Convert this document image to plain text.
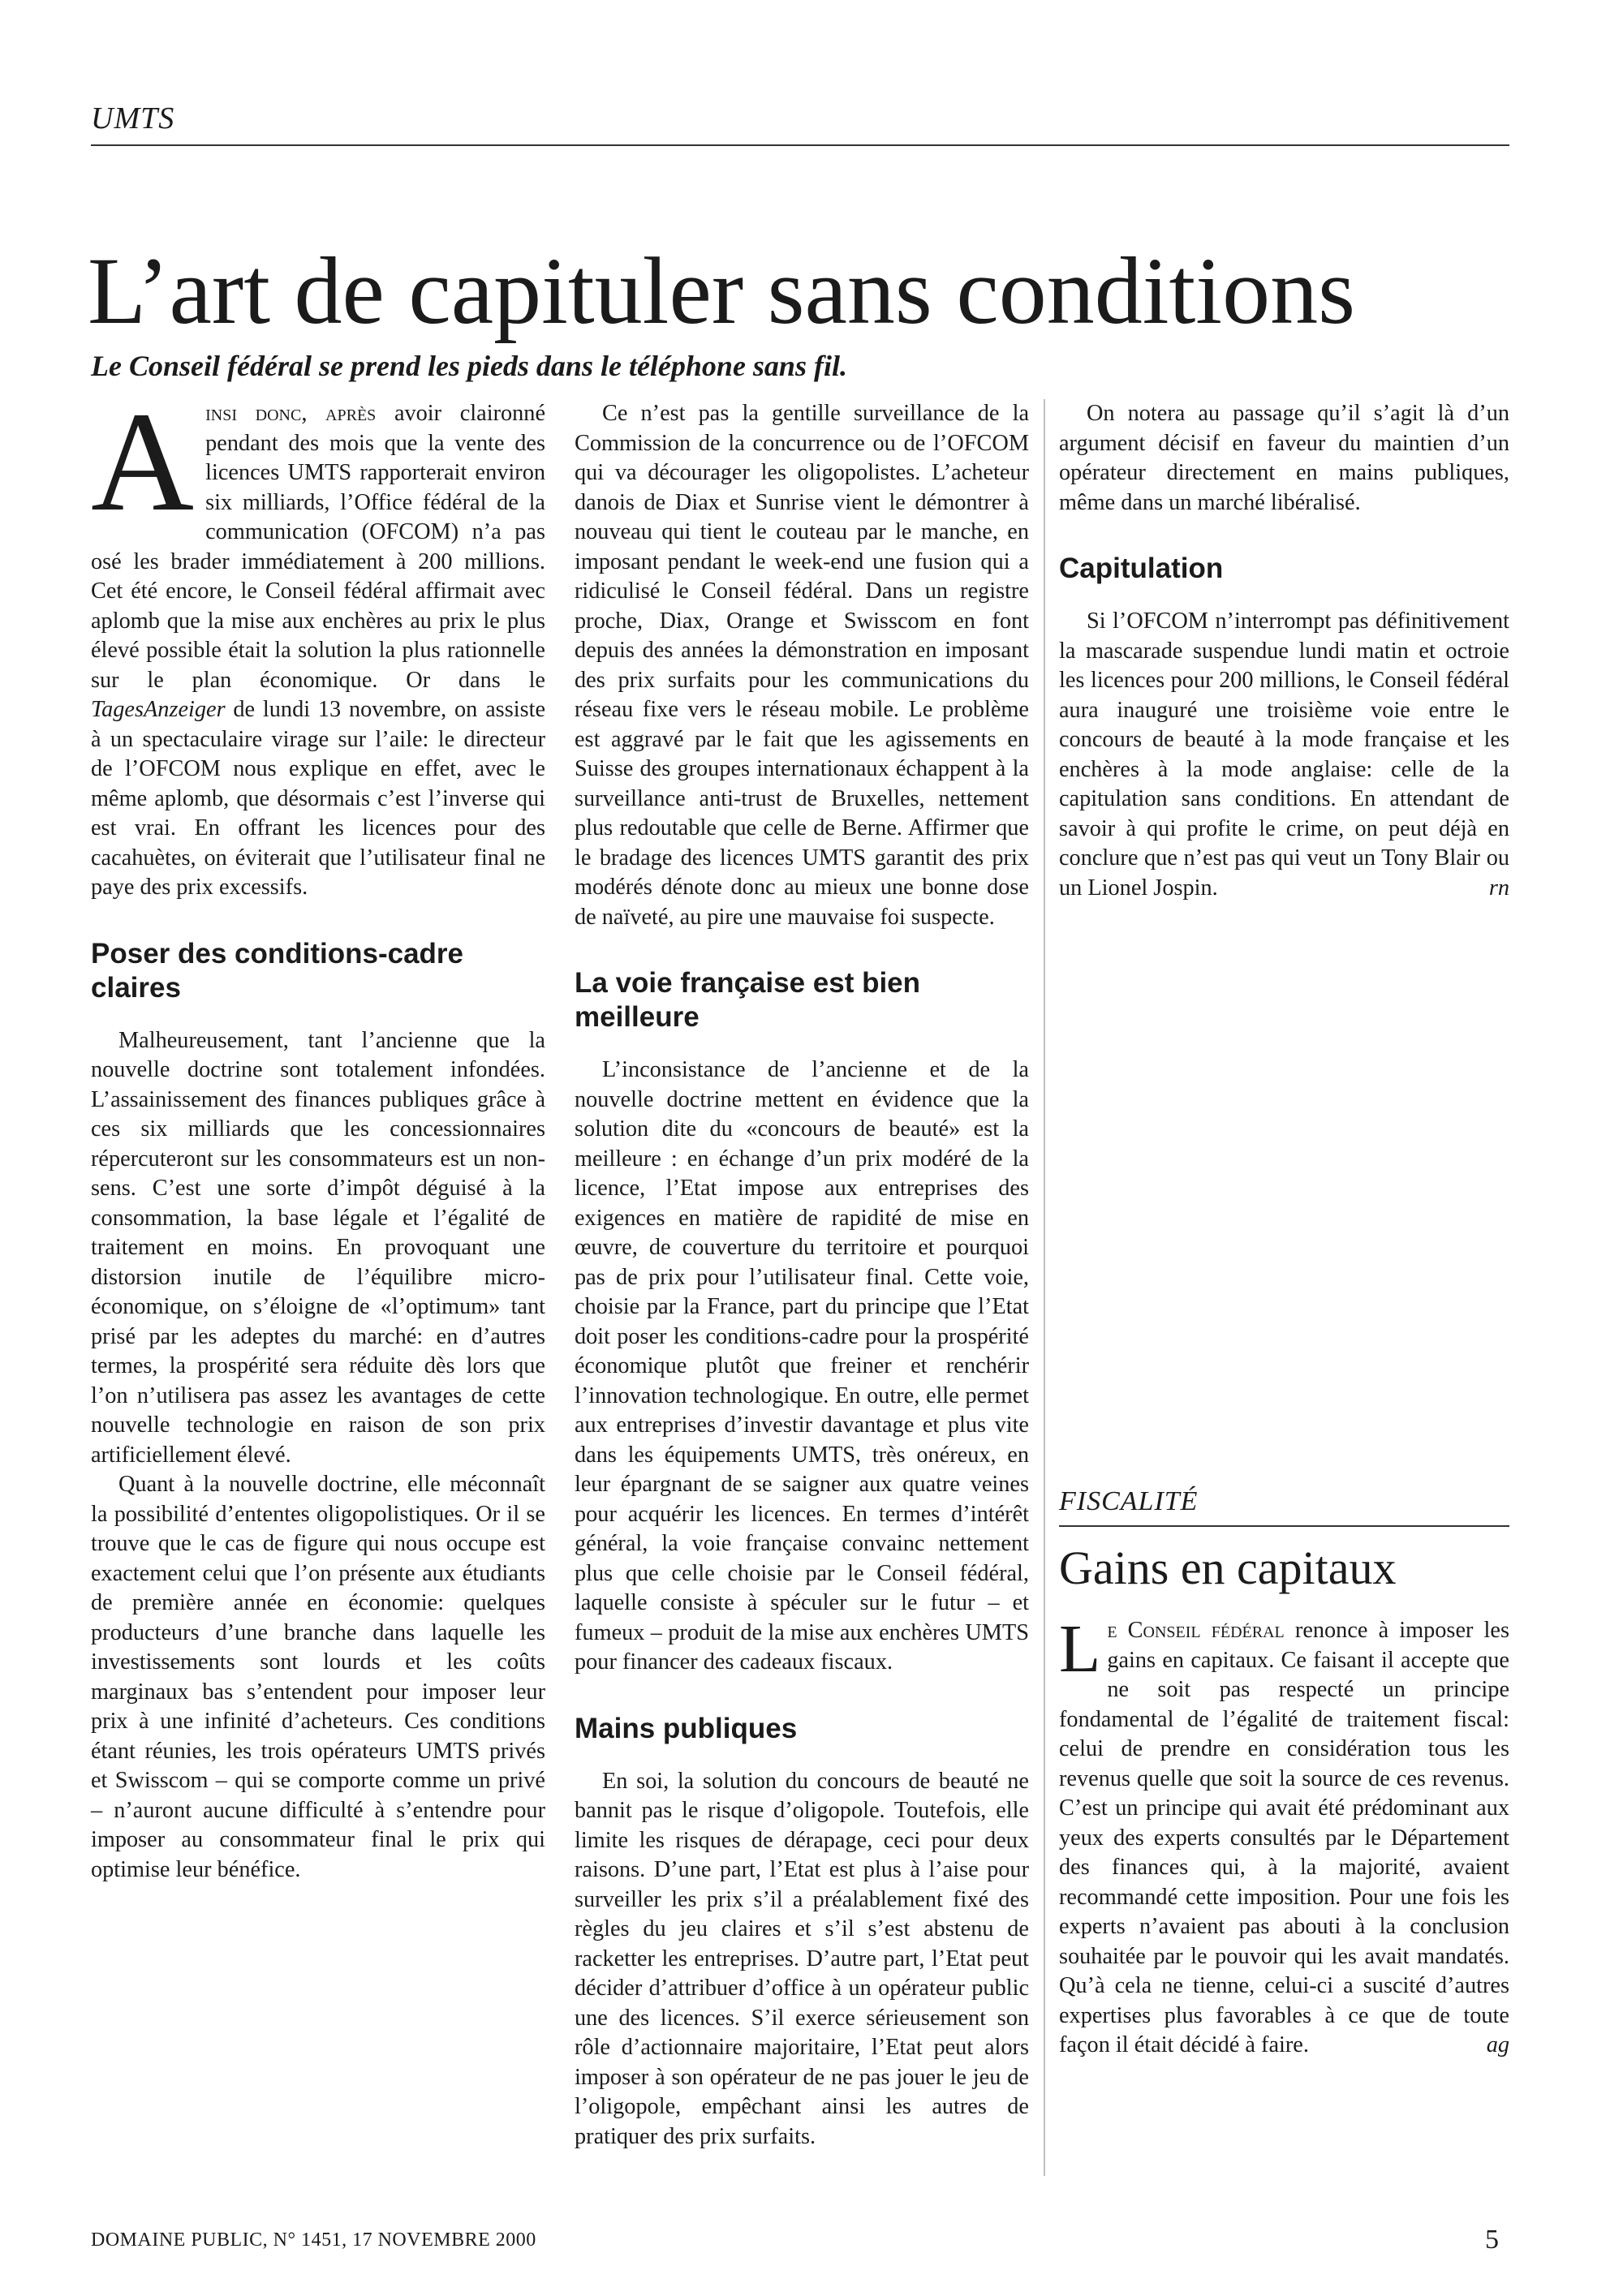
UMTS
L’art de capituler sans conditions
Le Conseil fédéral se prend les pieds dans le téléphone sans fil.

Ainsi donc, après avoir claironné pendant des mois que la vente des licences UMTS rapporterait environ six milliards, l’Office fédéral de la communication (OFCOM) n’a pas osé les brader immédiatement à 200 millions. Cet été encore, le Conseil fédéral affirmait avec aplomb que la mise aux enchères au prix le plus élevé possible était la solution la plus rationnelle sur le plan économique. Or dans le TagesAnzeiger de lundi 13 novembre, on assiste à un spectaculaire virage sur l’aile: le directeur de l’OFCOM nous explique en effet, avec le même aplomb, que désormais c’est l’inverse qui est vrai. En offrant les licences pour des cacahuètes, on éviterait que l’utilisateur final ne paye des prix excessifs.

Poser des conditions-cadre claires

Malheureusement, tant l’ancienne que la nouvelle doctrine sont totalement infondées. L’assainissement des finances publiques grâce à ces six milliards que les concessionnaires répercuteront sur les consommateurs est un non-sens. C’est une sorte d’impôt déguisé à la consommation, la base légale et l’égalité de traitement en moins. En provoquant une distorsion inutile de l’équilibre micro-économique, on s’éloigne de «l’optimum» tant prisé par les adeptes du marché: en d’autres termes, la prospérité sera réduite dès lors que l’on n’utilisera pas assez les avantages de cette nouvelle technologie en raison de son prix artificiellement élevé.

Quant à la nouvelle doctrine, elle méconnaît la possibilité d’ententes oligopolistiques. Or il se trouve que le cas de figure qui nous occupe est exactement celui que l’on présente aux étudiants de première année en économie: quelques producteurs d’une branche dans laquelle les investissements sont lourds et les coûts marginaux bas s’entendent pour imposer leur prix à une infinité d’acheteurs. Ces conditions étant réunies, les trois opérateurs UMTS privés et Swisscom – qui se comporte comme un privé – n’auront aucune difficulté à s’entendre pour imposer au consommateur final le prix qui optimise leur bénéfice.

Ce n’est pas la gentille surveillance de la Commission de la concurrence ou de l’OFCOM qui va décourager les oligopolistes. L’acheteur danois de Diax et Sunrise vient le démontrer à nouveau qui tient le couteau par le manche, en imposant pendant le week-end une fusion qui a ridiculisé le Conseil fédéral. Dans un registre proche, Diax, Orange et Swisscom en font depuis des années la démonstration en imposant des prix surfaits pour les communications du réseau fixe vers le réseau mobile. Le problème est aggravé par le fait que les agissements en Suisse des groupes internationaux échappent à la surveillance anti-trust de Bruxelles, nettement plus redoutable que celle de Berne. Affirmer que le bradage des licences UMTS garantit des prix modérés dénote donc au mieux une bonne dose de naïveté, au pire une mauvaise foi suspecte.

La voie française est bien meilleure

L’inconsistance de l’ancienne et de la nouvelle doctrine mettent en évidence que la solution dite du «concours de beauté» est la meilleure : en échange d’un prix modéré de la licence, l’Etat impose aux entreprises des exigences en matière de rapidité de mise en œuvre, de couverture du territoire et pourquoi pas de prix pour l’utilisateur final. Cette voie, choisie par la France, part du principe que l’Etat doit poser les conditions-cadre pour la prospérité économique plutôt que freiner et renchérir l’innovation technologique. En outre, elle permet aux entreprises d’investir davantage et plus vite dans les équipements UMTS, très onéreux, en leur épargnant de se saigner aux quatre veines pour acquérir les licences. En termes d’intérêt général, la voie française convainc nettement plus que celle choisie par le Conseil fédéral, laquelle consiste à spéculer sur le futur – et fumeux – produit de la mise aux enchères UMTS pour financer des cadeaux fiscaux.

Mains publiques

En soi, la solution du concours de beauté ne bannit pas le risque d’oligopole. Toutefois, elle limite les risques de dérapage, ceci pour deux raisons. D’une part, l’Etat est plus à l’aise pour surveiller les prix s’il a préalablement fixé des règles du jeu claires et s’il s’est abstenu de racketter les entreprises. D’autre part, l’Etat peut décider d’attribuer d’office à un opérateur public une des licences. S’il exerce sérieusement son rôle d’actionnaire majoritaire, l’Etat peut alors imposer à son opérateur de ne pas jouer le jeu de l’oligopole, empêchant ainsi les autres de pratiquer des prix surfaits.

On notera au passage qu’il s’agit là d’un argument décisif en faveur du maintien d’un opérateur directement en mains publiques, même dans un marché libéralisé.

Capitulation

Si l’OFCOM n’interrompt pas définitivement la mascarade suspendue lundi matin et octroie les licences pour 200 millions, le Conseil fédéral aura inauguré une troisième voie entre le concours de beauté à la mode française et les enchères à la mode anglaise: celle de la capitulation sans conditions. En attendant de savoir à qui profite le crime, on peut déjà en conclure que n’est pas qui veut un Tony Blair ou un Lionel Jospin.	rn

FISCALITÉ
Gains en capitaux

Le Conseil fédéral renonce à imposer les gains en capitaux. Ce faisant il accepte que ne soit pas respecté un principe fondamental de l’égalité de traitement fiscal: celui de prendre en considération tous les revenus quelle que soit la source de ces revenus. C’est un principe qui avait été prédominant aux yeux des experts consultés par le Département des finances qui, à la majorité, avaient recommandé cette imposition. Pour une fois les experts n’avaient pas abouti à la conclusion souhaitée par le pouvoir qui les avait mandatés. Qu’à cela ne tienne, celui-ci a suscité d’autres expertises plus favorables à ce que de toute façon il était décidé à faire.	ag

DOMAINE PUBLIC, N° 1451, 17 NOVEMBRE 2000	5
